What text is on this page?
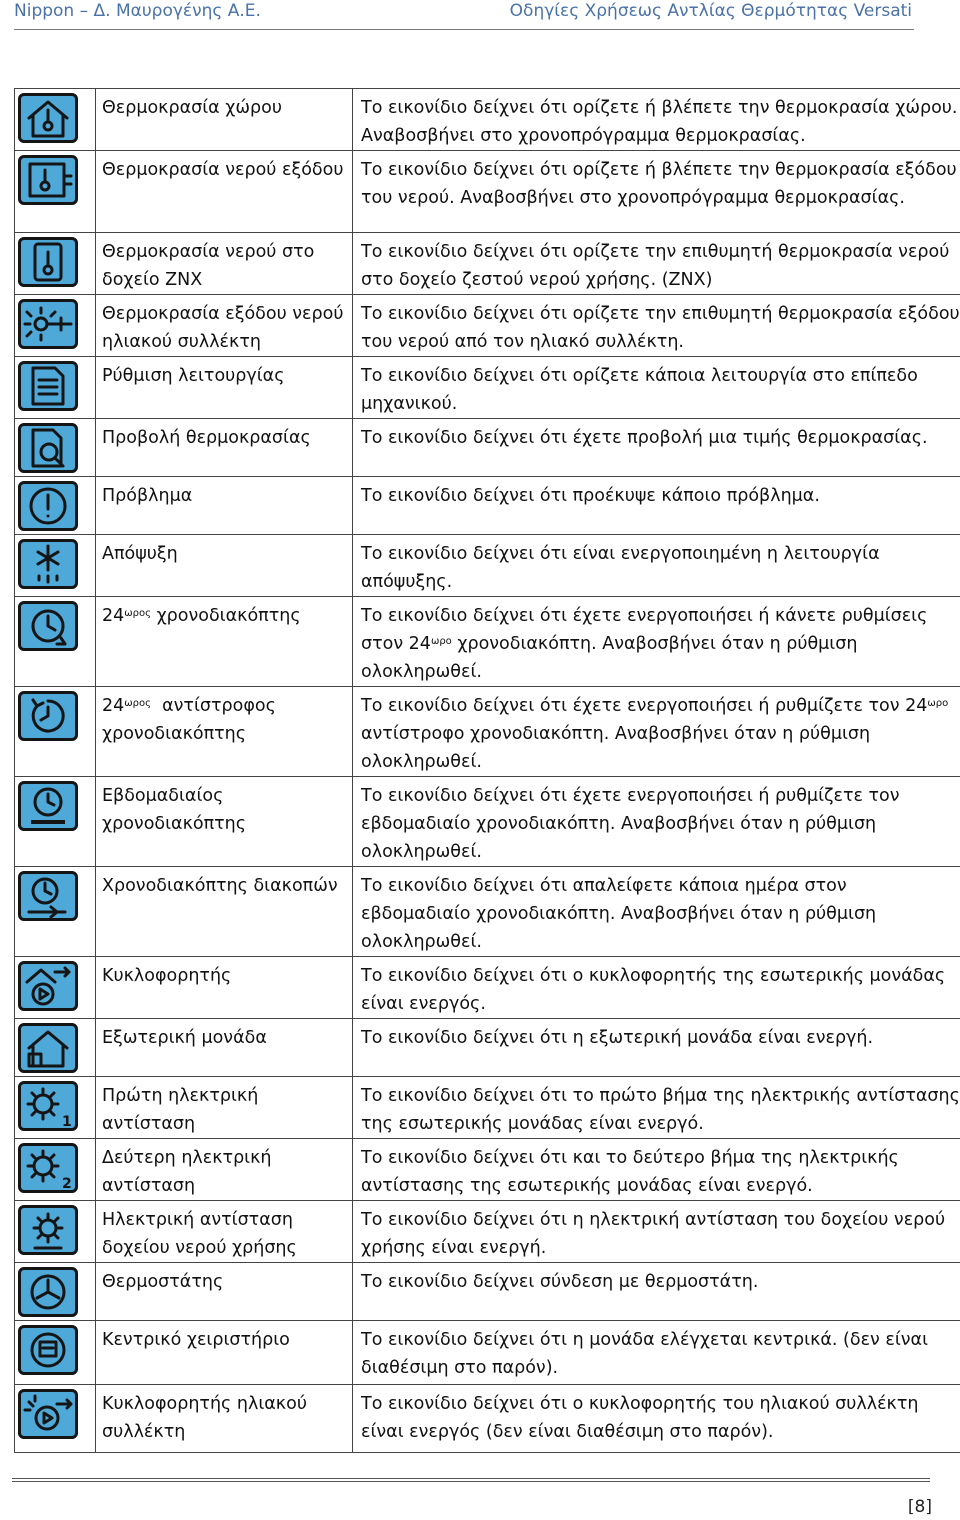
Nippon – Δ. Μαυρογένης Α.Ε.	Οδηγίες Χρήσεως Αντλίας Θερμότητας Versati
	Θερμοκρασία χώρου	Το εικονίδιο δείχνει ότι ορίζετε ή βλέπετε την θερμοκρασία χώρου. Αναβοσβήνει στο χρονοπρόγραμμα θερμοκρασίας.

	Θερμοκρασία νερού εξόδου	Το εικονίδιο δείχνει ότι ορίζετε ή βλέπετε την θερμοκρασία εξόδου του νερού. Αναβοσβήνει στο χρονοπρόγραμμα θερμοκρασίας.

	Θερμοκρασία νερού στο δοχείο ΖΝΧ	Το εικονίδιο δείχνει ότι ορίζετε την επιθυμητή θερμοκρασία νερού στο δοχείο ζεστού νερού χρήσης. (ΖΝΧ)

	Θερμοκρασία εξόδου νερού ηλιακού συλλέκτη	Το εικονίδιο δείχνει ότι ορίζετε την επιθυμητή θερμοκρασία εξόδου του νερού από τον ηλιακό συλλέκτη.

	Ρύθμιση λειτουργίας	Το εικονίδιο δείχνει ότι ορίζετε κάποια λειτουργία στο επίπεδο μηχανικού.

	Προβολή θερμοκρασίας	Το εικονίδιο δείχνει ότι έχετε προβολή μια τιμής θερμοκρασίας.

	Πρόβλημα	Το εικονίδιο δείχνει ότι προέκυψε κάποιο πρόβλημα.

	Απόψυξη	Το εικονίδιο δείχνει ότι είναι ενεργοποιημένη η λειτουργία απόψυξης.

	$24^{\omega\rho o\varsigma}$ χρονοδιακόπτης	Το εικονίδιο δείχνει ότι έχετε ενεργοποιήσει ή κάνετε ρυθμίσεις στον $24^{\omega\rho o}$ χρονοδιακόπτη. Αναβοσβήνει όταν η ρύθμιση ολοκληρωθεί.

	$24^{\omega\rho o\varsigma}$  αντίστροφος χρονοδιακόπτης	Το εικονίδιο δείχνει ότι έχετε ενεργοποιήσει ή ρυθμίζετε τον $24^{\omega\rho o}$ αντίστροφο χρονοδιακόπτη. Αναβοσβήνει όταν η ρύθμιση ολοκληρωθεί.

	Εβδομαδιαίος χρονοδιακόπτης	Το εικονίδιο δείχνει ότι έχετε ενεργοποιήσει ή ρυθμίζετε τον εβδομαδιαίο χρονοδιακόπτη. Αναβοσβήνει όταν η ρύθμιση ολοκληρωθεί.

	Χρονοδιακόπτης διακοπών	Το εικονίδιο δείχνει ότι απαλείφετε κάποια ημέρα στον εβδομαδιαίο χρονοδιακόπτη. Αναβοσβήνει όταν η ρύθμιση ολοκληρωθεί.

	Κυκλοφορητής	Το εικονίδιο δείχνει ότι ο κυκλοφορητής της εσωτερικής μονάδας είναι ενεργός.

	Εξωτερική μονάδα	Το εικονίδιο δείχνει ότι η εξωτερική μονάδα είναι ενεργή.

1	Πρώτη ηλεκτρική αντίσταση	Το εικονίδιο δείχνει ότι το πρώτο βήμα της ηλεκτρικής αντίστασης της εσωτερικής μονάδας είναι ενεργό.

2	Δεύτερη ηλεκτρική αντίσταση	Το εικονίδιο δείχνει ότι και το δεύτερο βήμα της ηλεκτρικής αντίστασης της εσωτερικής μονάδας είναι ενεργό.

	Ηλεκτρική αντίσταση δοχείου νερού χρήσης	Το εικονίδιο δείχνει ότι η ηλεκτρική αντίσταση του δοχείου νερού χρήσης είναι ενεργή.

	Θερμοστάτης	Το εικονίδιο δείχνει σύνδεση με θερμοστάτη.

	Κεντρικό χειριστήριο	Το εικονίδιο δείχνει ότι η μονάδα ελέγχεται κεντρικά. (δεν είναι διαθέσιμη στο παρόν).

	Κυκλοφορητής ηλιακού συλλέκτη	Το εικονίδιο δείχνει ότι ο κυκλοφορητής του ηλιακού συλλέκτη είναι ενεργός (δεν είναι διαθέσιμη στο παρόν).
[8]
